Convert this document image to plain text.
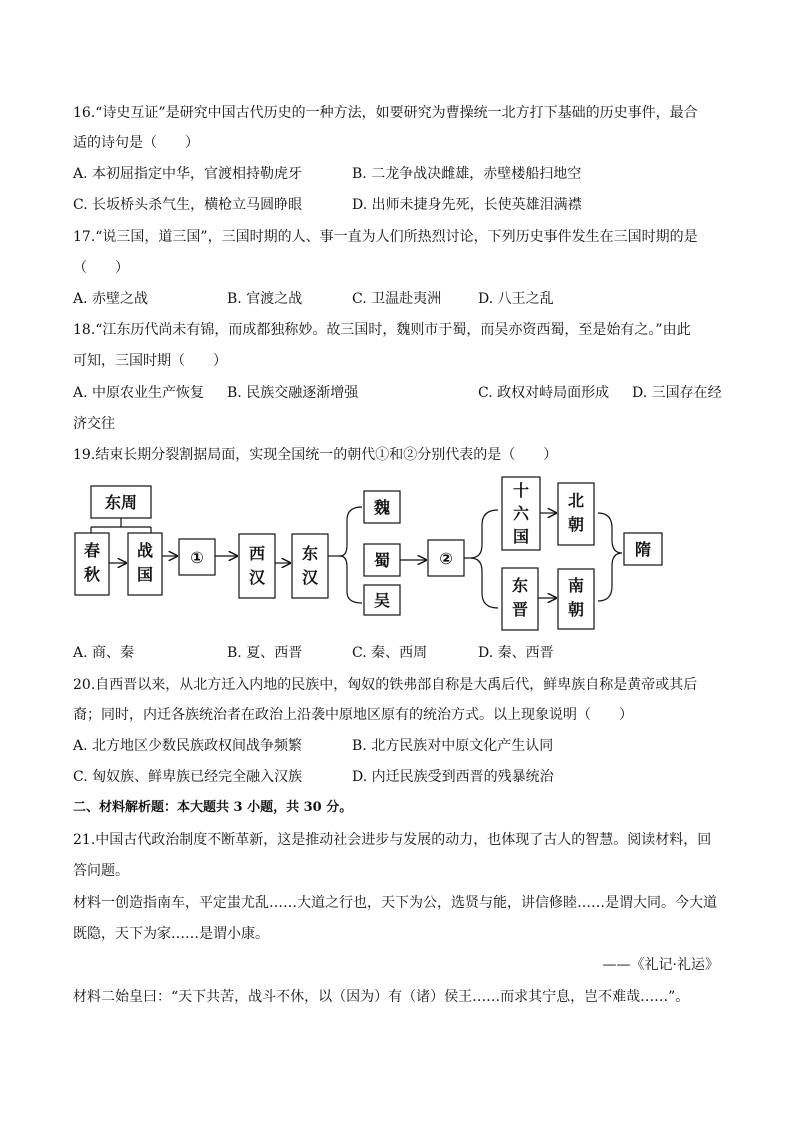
16.“诗史互证”是研究中国古代历史的一种方法，如要研究为曹操统一北方打下基础的历史事件，最合
适的诗句是（　　）
A. 本初屈指定中华，官渡相持勒虎牙	B. 二龙争战决雌雄，赤壁楼船扫地空
C. 长坂桥头杀气生，横枪立马圆睁眼	D. 出师未捷身先死，长使英雄泪满襟
17.“说三国，道三国”，三国时期的人、事一直为人们所热烈讨论，下列历史事件发生在三国时期的是
（　　）
A. 赤壁之战	B. 官渡之战	C. 卫温赴夷洲	D. 八王之乱
18.“江东历代尚未有锦，而成都独称妙。故三国时，魏则市于蜀，而吴亦资西蜀，至是始有之。”由此
可知，三国时期（　　）
A. 中原农业生产恢复 B. 民族交融逐渐增强	C. 政权对峙局面形成 D. 三国存在经
济交往
19.结束长期分裂割据局面，实现全国统一的朝代①和②分别代表的是（　　）
东周
春秋
战国
①	西汉
东汉
魏
蜀
吴
②
十六国
北朝
东晋
南朝
隋
A. 商、秦	B. 夏、西晋	C. 秦、西周	D. 秦、西晋
20.自西晋以来，从北方迁入内地的民族中，匈奴的铁弗部自称是大禹后代，鲜卑族自称是黄帝或其后
裔；同时，内迁各族统治者在政治上沿袭中原地区原有的统治方式。以上现象说明（　　）
A. 北方地区少数民族政权间战争频繁	B. 北方民族对中原文化产生认同
C. 匈奴族、鲜卑族已经完全融入汉族	D. 内迁民族受到西晋的残暴统治
二、材料解析题：本大题共 3 小题，共 30 分。
21.中国古代政治制度不断革新，这是推动社会进步与发展的动力，也体现了古人的智慧。阅读材料，回
答问题。
材料一创造指南车，平定蚩尤乱……大道之行也，天下为公，选贤与能，讲信修睦……是谓大同。今大道
既隐，天下为家……是谓小康。
——《礼记·礼运》
材料二始皇曰：“天下共苦，战斗不休，以（因为）有（诸）侯王……而求其宁息，岂不难哉……”。
